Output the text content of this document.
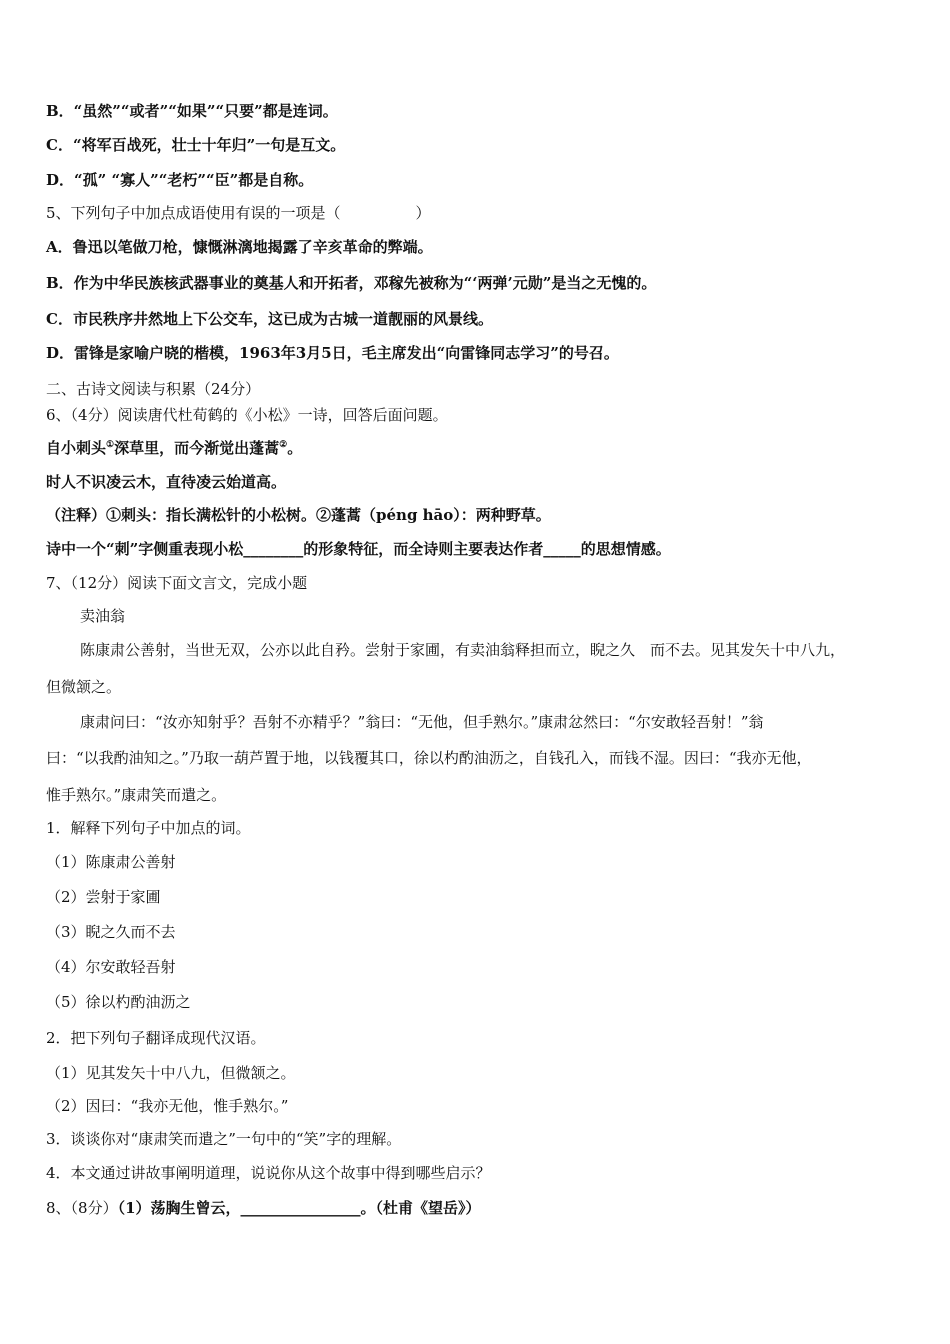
B．“虽然”“或者”“如果”“只要”都是连词。
C．“将军百战死，壮士十年归”一句是互文。
D．“孤” “寡人”“老朽”“臣”都是自称。
5、下列句子中加点成语使用有误的一项是（　　　　　）
A．鲁迅以笔做刀枪，慷慨淋漓地揭露了辛亥革命的弊端。
B．作为中华民族核武器事业的奠基人和开拓者，邓稼先被称为“‘两弹’元勋”是当之无愧的。
C．市民秩序井然地上下公交车，这已成为古城一道靓丽的风景线。
D．雷锋是家喻户晓的楷模，1963年3月5日，毛主席发出“向雷锋同志学习”的号召。
二、古诗文阅读与积累（24分）
6、（4分）阅读唐代杜荀鹤的《小松》一诗，回答后面问题。
自小刺头①深草里，而今渐觉出蓬蒿②。
时人不识凌云木，直待凌云始道高。
（注释）①刺头：指长满松针的小松树。②蓬蒿（péng hāo）：两种野草。
诗中一个“刺”字侧重表现小松________的形象特征，而全诗则主要表达作者_____的思想情感。
7、（12分）阅读下面文言文，完成小题
卖油翁
陈康肃公善射，当世无双，公亦以此自矜。尝射于家圃，有卖油翁释担而立，睨之久　而不去。见其发矢十中八九，
但微颔之。
康肃问曰：“汝亦知射乎？吾射不亦精乎？”翁曰：“无他，但手熟尔。”康肃忿然曰：“尔安敢轻吾射！”翁
曰：“以我酌油知之。”乃取一葫芦置于地，以钱覆其口，徐以杓酌油沥之，自钱孔入，而钱不湿。因曰：“我亦无他，
惟手熟尔。”康肃笑而遣之。
1．解释下列句子中加点的词。
（1）陈康肃公善射
（2）尝射于家圃
（3）睨之久而不去
（4）尔安敢轻吾射
（5）徐以杓酌油沥之
2．把下列句子翻译成现代汉语。
（1）见其发矢十中八九，但微颔之。
（2）因曰：“我亦无他，惟手熟尔。”
3．谈谈你对“康肃笑而遣之”一句中的“笑”字的理解。
4．本文通过讲故事阐明道理，说说你从这个故事中得到哪些启示？
8、（8分）（1）荡胸生曾云，________________。（杜甫《望岳》）
